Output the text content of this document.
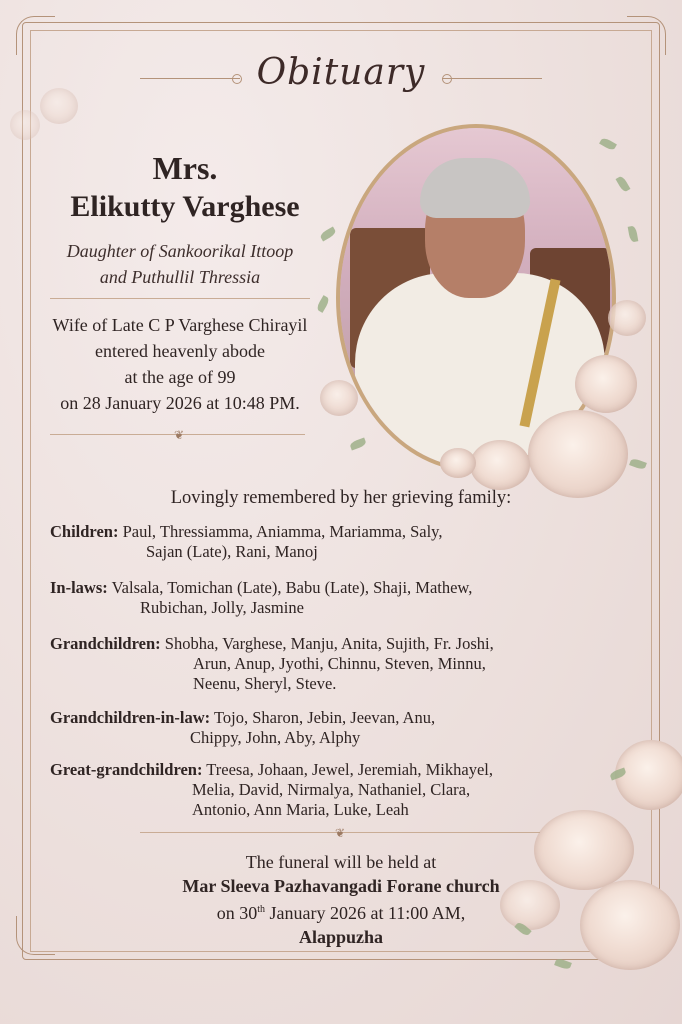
Obituary
Mrs.
Elikutty Varghese
Daughter of Sankoorikal Ittoop
and Puthullil Thressia
Wife of Late C P Varghese Chirayil
entered heavenly abode
at the age of 99
on 28 January 2026 at 10:48 PM.
❦
Lovingly remembered by her grieving family:
Children: Paul, Thressiamma, Aniamma, Mariamma, Saly,
Sajan (Late), Rani, Manoj
In-laws: Valsala, Tomichan (Late), Babu (Late), Shaji, Mathew,
Rubichan, Jolly, Jasmine
Grandchildren: Shobha, Varghese, Manju, Anita, Sujith, Fr. Joshi,
Arun, Anup, Jyothi, Chinnu, Steven, Minnu,
Neenu, Sheryl, Steve.
Grandchildren-in-law: Tojo, Sharon, Jebin, Jeevan, Anu,
Chippy, John, Aby, Alphy
Great-grandchildren: Treesa, Johaan, Jewel, Jeremiah, Mikhayel,
Melia, David, Nirmalya, Nathaniel, Clara,
Antonio, Ann Maria, Luke, Leah
❦
The funeral will be held at
Mar Sleeva Pazhavangadi Forane church
on 30th January 2026 at 11:00 AM,
Alappuzha
